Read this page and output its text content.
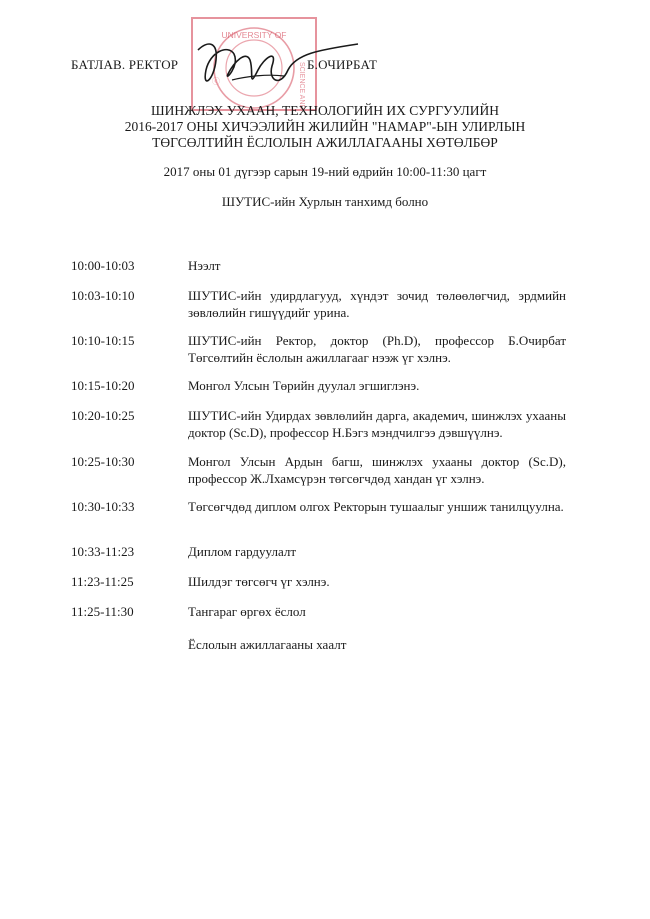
БАТЛАВ. РЕКТОР
UNIVERSITY OF
SCIENCE AND
ⓒ
Б.ОЧИРБАТ
ШИНЖЛЭХ УХААН, ТЕХНОЛОГИЙН ИХ СУРГУУЛИЙН
2016-2017 ОНЫ ХИЧЭЭЛИЙН ЖИЛИЙН "НАМАР"-ЫН УЛИРЛЫН
ТӨГСӨЛТИЙН ЁСЛОЛЫН АЖИЛЛАГААНЫ ХӨТӨЛБӨР
2017 оны 01 дүгээр сарын 19-ний өдрийн 10:00-11:30 цагт
ШУТИС-ийн Хурлын танхимд болно
10:00-10:03	Нээлт
10:03-10:10	ШУТИС-ийн удирдлагууд, хүндэт зочид төлөөлөгчид, эрдмийн зөвлөлийн гишүүдийг урина.
10:10-10:15	ШУТИС-ийн Ректор, доктор (Ph.D), профессор Б.Очирбат Төгсөлтийн ёслолын ажиллагааг нээж үг хэлнэ.
10:15-10:20	Монгол Улсын Төрийн дуулал эгшиглэнэ.
10:20-10:25	ШУТИС-ийн Удирдах зөвлөлийн дарга, академич, шинжлэх ухааны доктор (Sc.D), профессор Н.Бэгз мэндчилгээ дэвшүүлнэ.
10:25-10:30	Монгол Улсын Ардын багш, шинжлэх ухааны доктор (Sc.D), профессор Ж.Лхамсүрэн төгсөгчдөд хандан үг хэлнэ.
10:30-10:33	Төгсөгчдөд диплом олгох Ректорын тушаалыг уншиж танилцуулна.
10:33-11:23	Диплом гардуулалт
11:23-11:25	Шилдэг төгсөгч үг хэлнэ.
11:25-11:30	Тангараг өргөх ёслол
Ёслолын ажиллагааны хаалт
